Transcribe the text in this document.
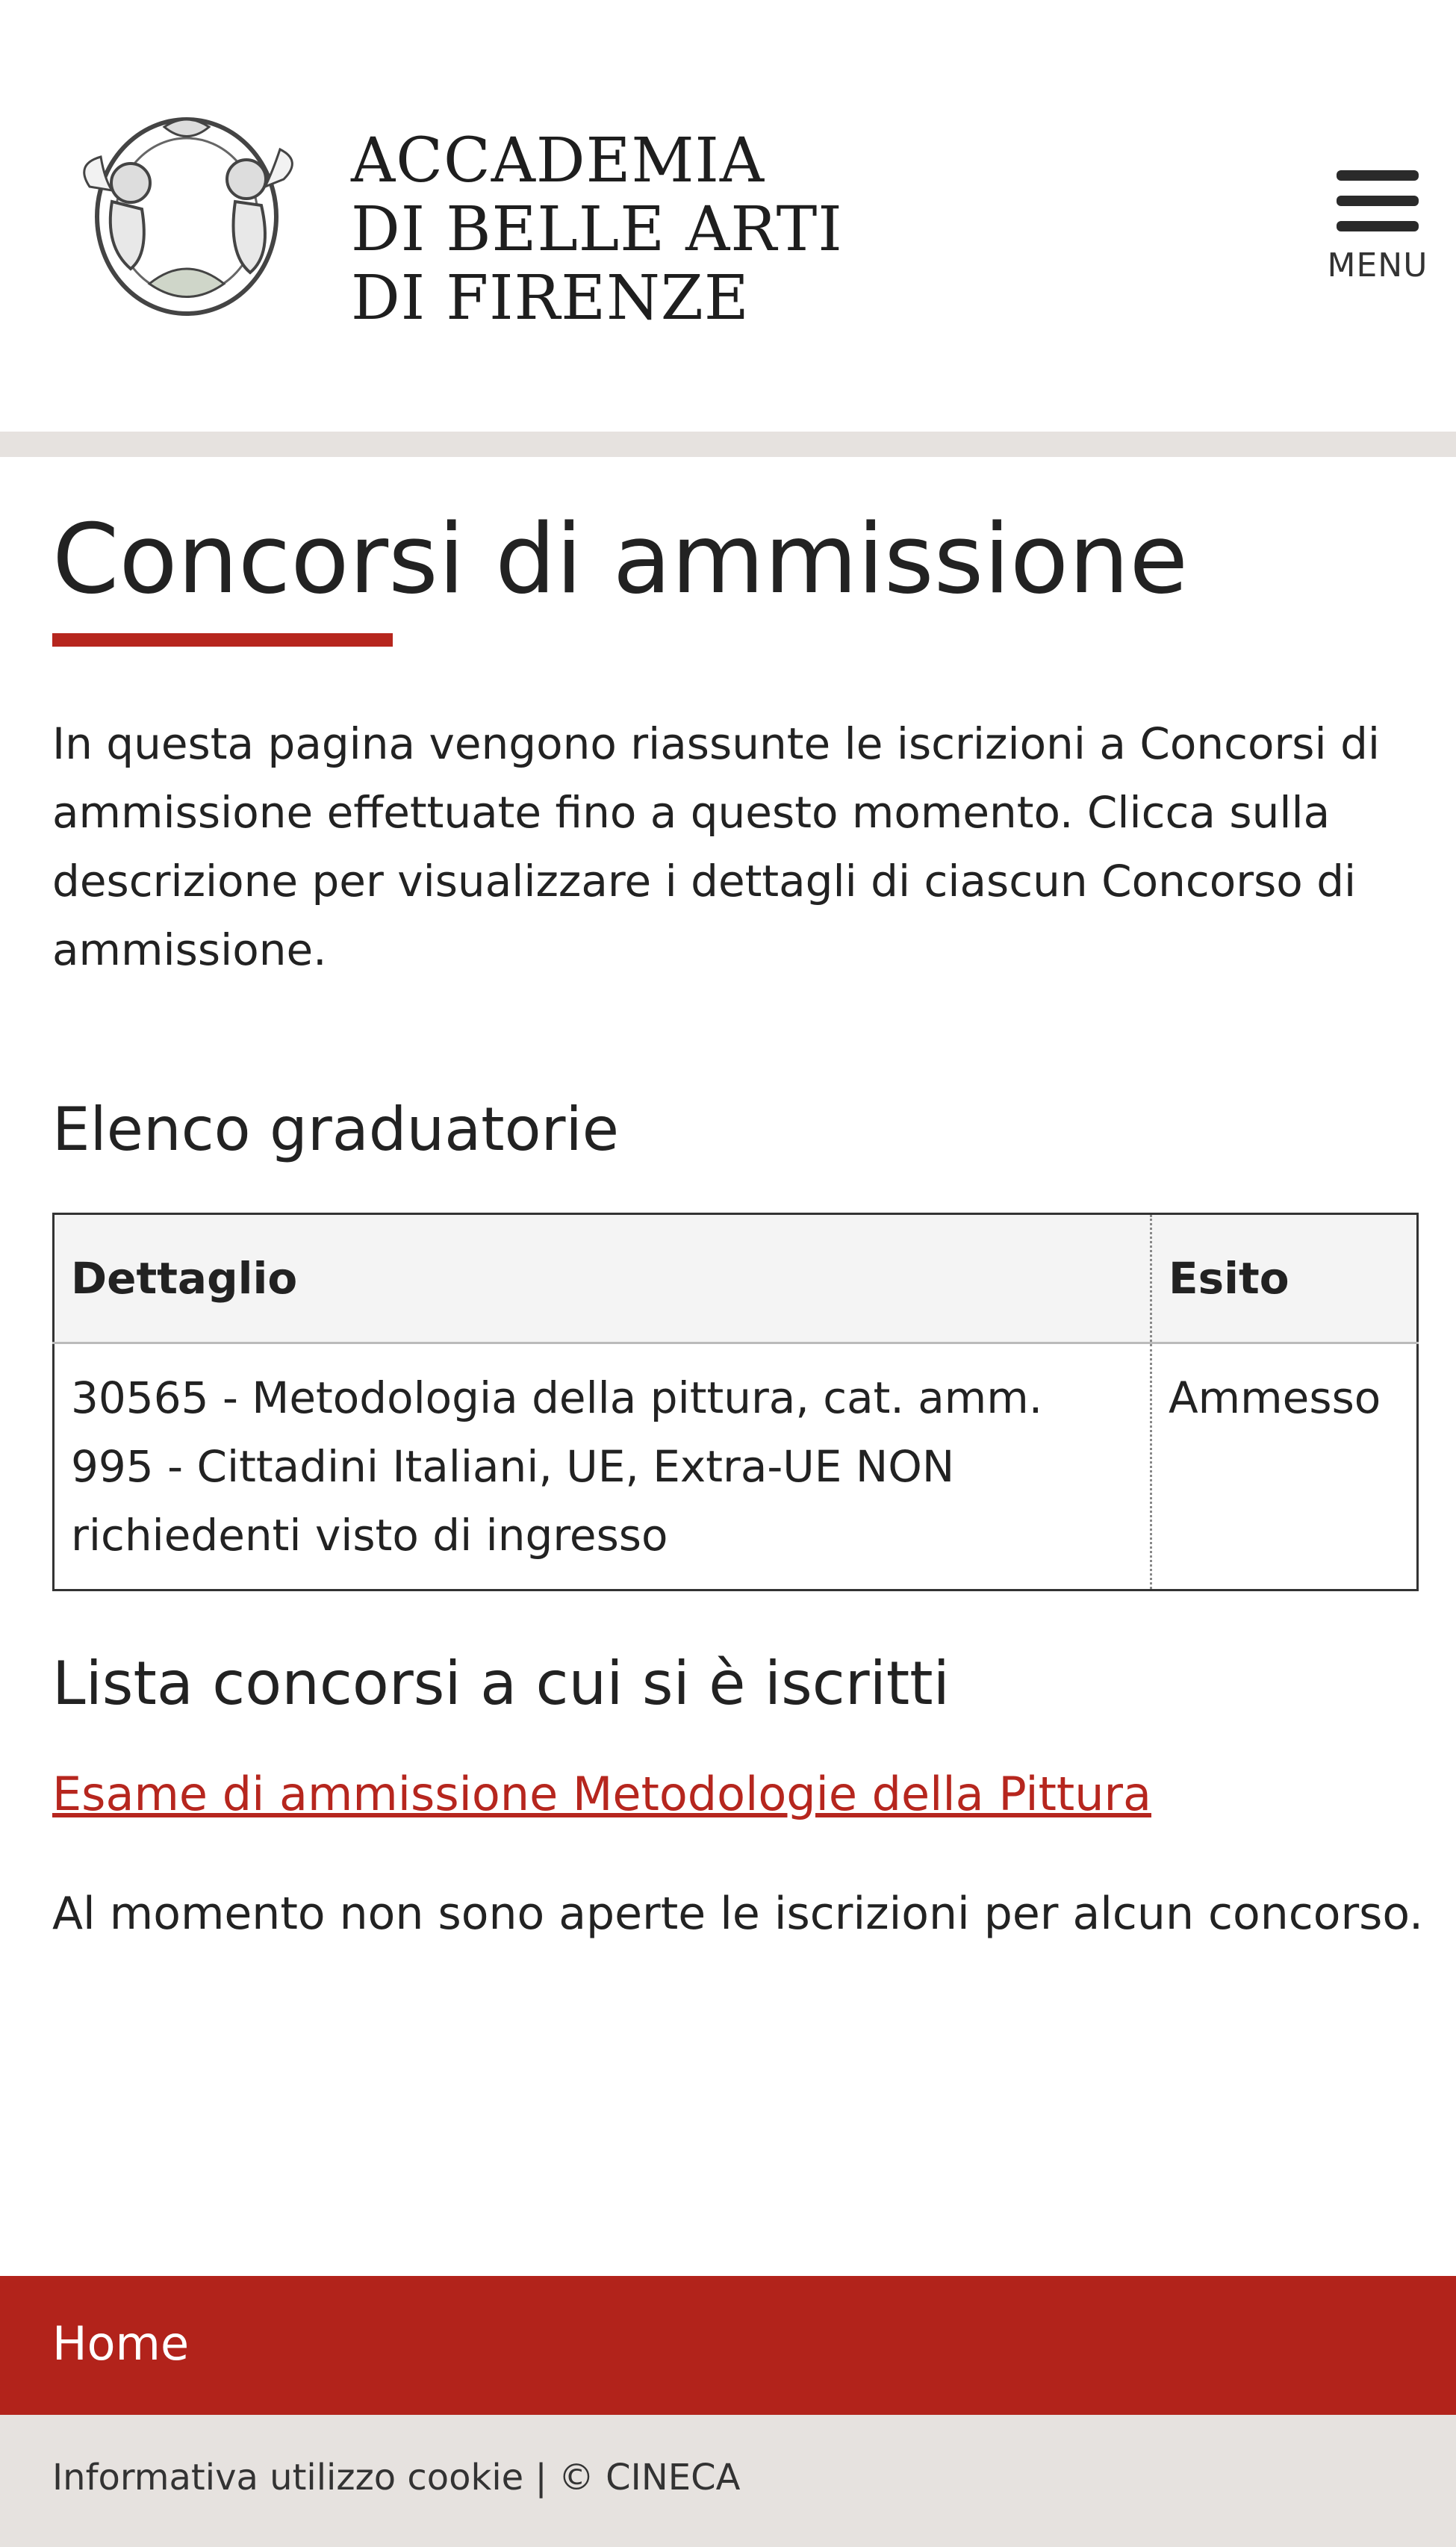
ACCADEMIA
DI BELLE ARTI
DI FIRENZE	MENU
Concorsi di ammissione

In questa pagina vengono riassunte le iscrizioni a Concorsi di ammissione effettuate fino a questo momento. Clicca sulla descrizione per visualizzare i dettagli di ciascun Concorso di ammissione.

Elenco graduatorie
Dettaglio	Esito
30565 - Metodologia della pittura, cat. amm. 995 - Cittadini Italiani, UE, Extra-UE NON richiedenti visto di ingresso	Ammesso
Lista concorsi a cui si è iscritti
Esame di ammissione Metodologie della Pittura

Al momento non sono aperte le iscrizioni per alcun concorso.

Home
Informativa utilizzo cookie | © CINECA
